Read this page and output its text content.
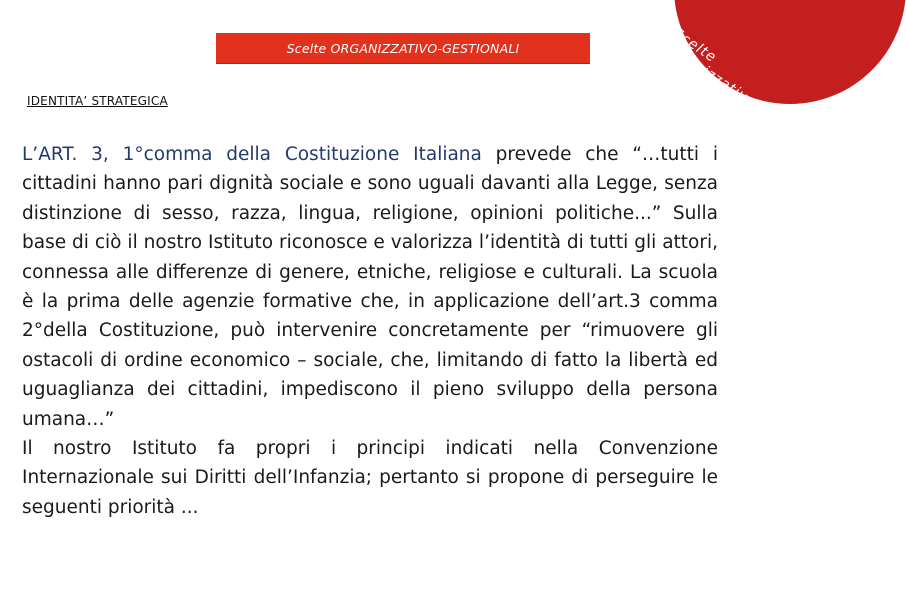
Scelte
organizzativo-gestionali
Scelte ORGANIZZATIVO-GESTIONALI
IDENTITA’ STRATEGICA

L’ART. 3, 1°comma della Costituzione Italiana prevede che “…tutti i cittadini hanno pari dignità sociale e sono uguali davanti alla Legge, senza distinzione di sesso, razza, lingua, religione, opinioni politiche...” Sulla base di ciò il nostro Istituto riconosce e valorizza l’identità di tutti gli attori, connessa alle differenze di genere, etniche, religiose e culturali. La scuola è la prima delle agenzie formative che, in applicazione dell’art.3 comma 2°della Costituzione, può intervenire concretamente per “rimuovere gli ostacoli di ordine economico – sociale, che, limitando di fatto la libertà ed uguaglianza dei cittadini, impediscono il pieno sviluppo della persona umana…”

Il nostro Istituto fa propri i principi indicati nella Convenzione Internazionale sui Diritti dell’Infanzia; pertanto si propone di perseguire le seguenti priorità ...
